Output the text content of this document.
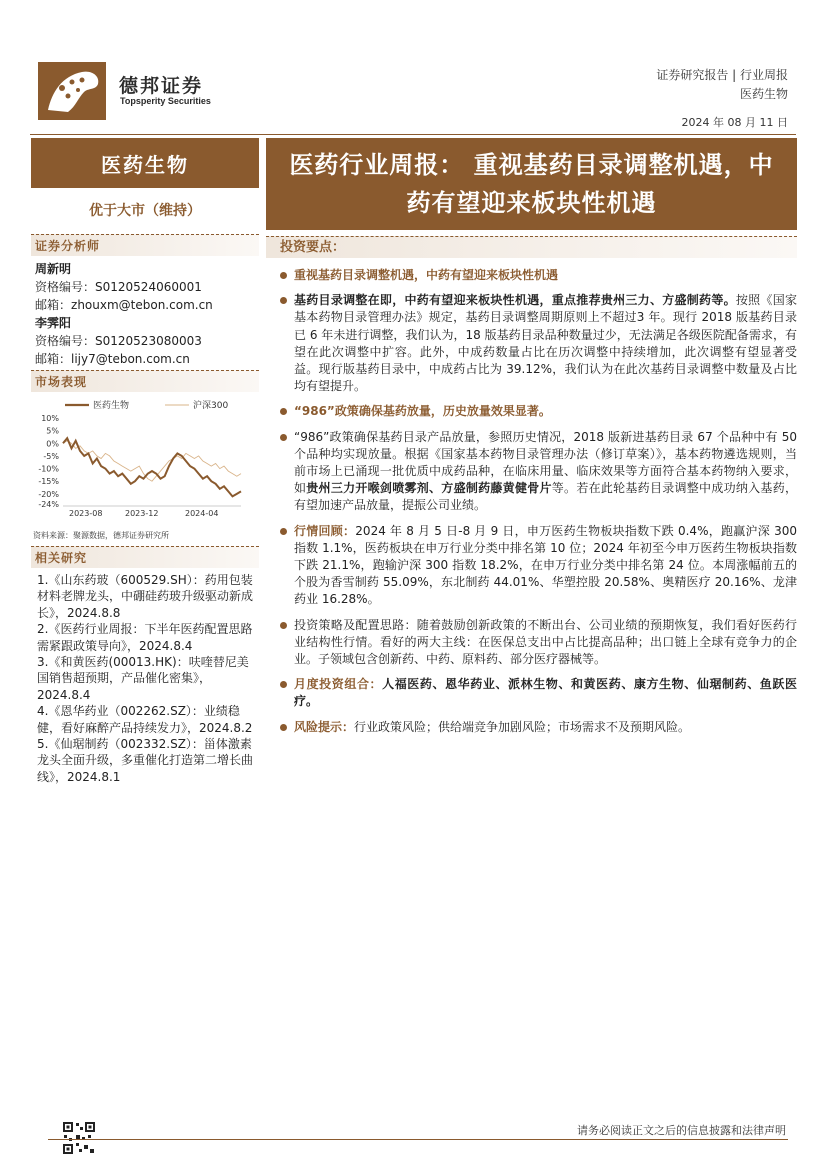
德邦证券
Topsperity Securities
证券研究报告 | 行业周报
医药生物
2024 年 08 月 11 日
医药生物
优于大市（维持）
证券分析师
周新明
资格编号：S0120524060001
邮箱：zhouxm@tebon.com.cn
李霁阳
资格编号：S0120523080003
邮箱：lijy7@tebon.com.cn
市场表现
医药生物	沪深300
10%
5%
0%
-5%
-10%
-15%
-20%
-24%
2023-08	2023-12	2024-04
资料来源：聚源数据，德邦证券研究所
相关研究
1.《山东药玻（600529.SH）：药用包装材料老牌龙头，中硼硅药玻升级驱动新成长》，2024.8.8
2.《医药行业周报：下半年医药配置思路需紧跟政策导向》，2024.8.4
3.《和黄医药(00013.HK)：呋喹替尼美国销售超预期，产品催化密集》，2024.8.4
4.《恩华药业（002262.SZ）：业绩稳健，看好麻醉产品持续发力》，2024.8.2
5.《仙琚制药（002332.SZ）：甾体激素龙头全面升级，多重催化打造第二增长曲线》，2024.8.1
医药行业周报： 重视基药目录调整机遇，中药有望迎来板块性机遇
投资要点：
重视基药目录调整机遇，中药有望迎来板块性机遇
基药目录调整在即，中药有望迎来板块性机遇，重点推荐贵州三力、方盛制药等。按照《国家基本药物目录管理办法》规定，基药目录调整周期原则上不超过3 年。现行 2018 版基药目录已 6 年未进行调整，我们认为，18 版基药目录品种数量过少，无法满足各级医院配备需求，有望在此次调整中扩容。此外，中成药数量占比在历次调整中持续增加，此次调整有望显著受益。现行版基药目录中，中成药占比为 39.12%，我们认为在此次基药目录调整中数量及占比均有望提升。
“986”政策确保基药放量，历史放量效果显著。
“986”政策确保基药目录产品放量，参照历史情况，2018 版新进基药目录 67 个品种中有 50 个品种均实现放量。根据《国家基本药物目录管理办法（修订草案）》，基本药物遴选规则，当前市场上已涌现一批优质中成药品种，在临床用量、临床效果等方面符合基本药物纳入要求，如贵州三力开喉剑喷雾剂、方盛制药藤黄健骨片等。若在此轮基药目录调整中成功纳入基药，有望加速产品放量，提振公司业绩。
行情回顾：2024 年 8 月 5 日-8 月 9 日，申万医药生物板块指数下跌 0.4%，跑赢沪深 300 指数 1.1%，医药板块在申万行业分类中排名第 10 位；2024 年初至今申万医药生物板块指数下跌 21.1%，跑输沪深 300 指数 18.2%，在申万行业分类中排名第 24 位。本周涨幅前五的个股为香雪制药 55.09%，东北制药 44.01%、华塑控股 20.58%、奥精医疗 20.16%、龙津药业 16.28%。
投资策略及配置思路：随着鼓励创新政策的不断出台、公司业绩的预期恢复，我们看好医药行业结构性行情。看好的两大主线：在医保总支出中占比提高品种；出口链上全球有竞争力的企业。子领域包含创新药、中药、原料药、部分医疗器械等。
月度投资组合：人福医药、恩华药业、派林生物、和黄医药、康方生物、仙琚制药、鱼跃医疗。
风险提示：行业政策风险；供给端竞争加剧风险；市场需求不及预期风险。
请务必阅读正文之后的信息披露和法律声明
